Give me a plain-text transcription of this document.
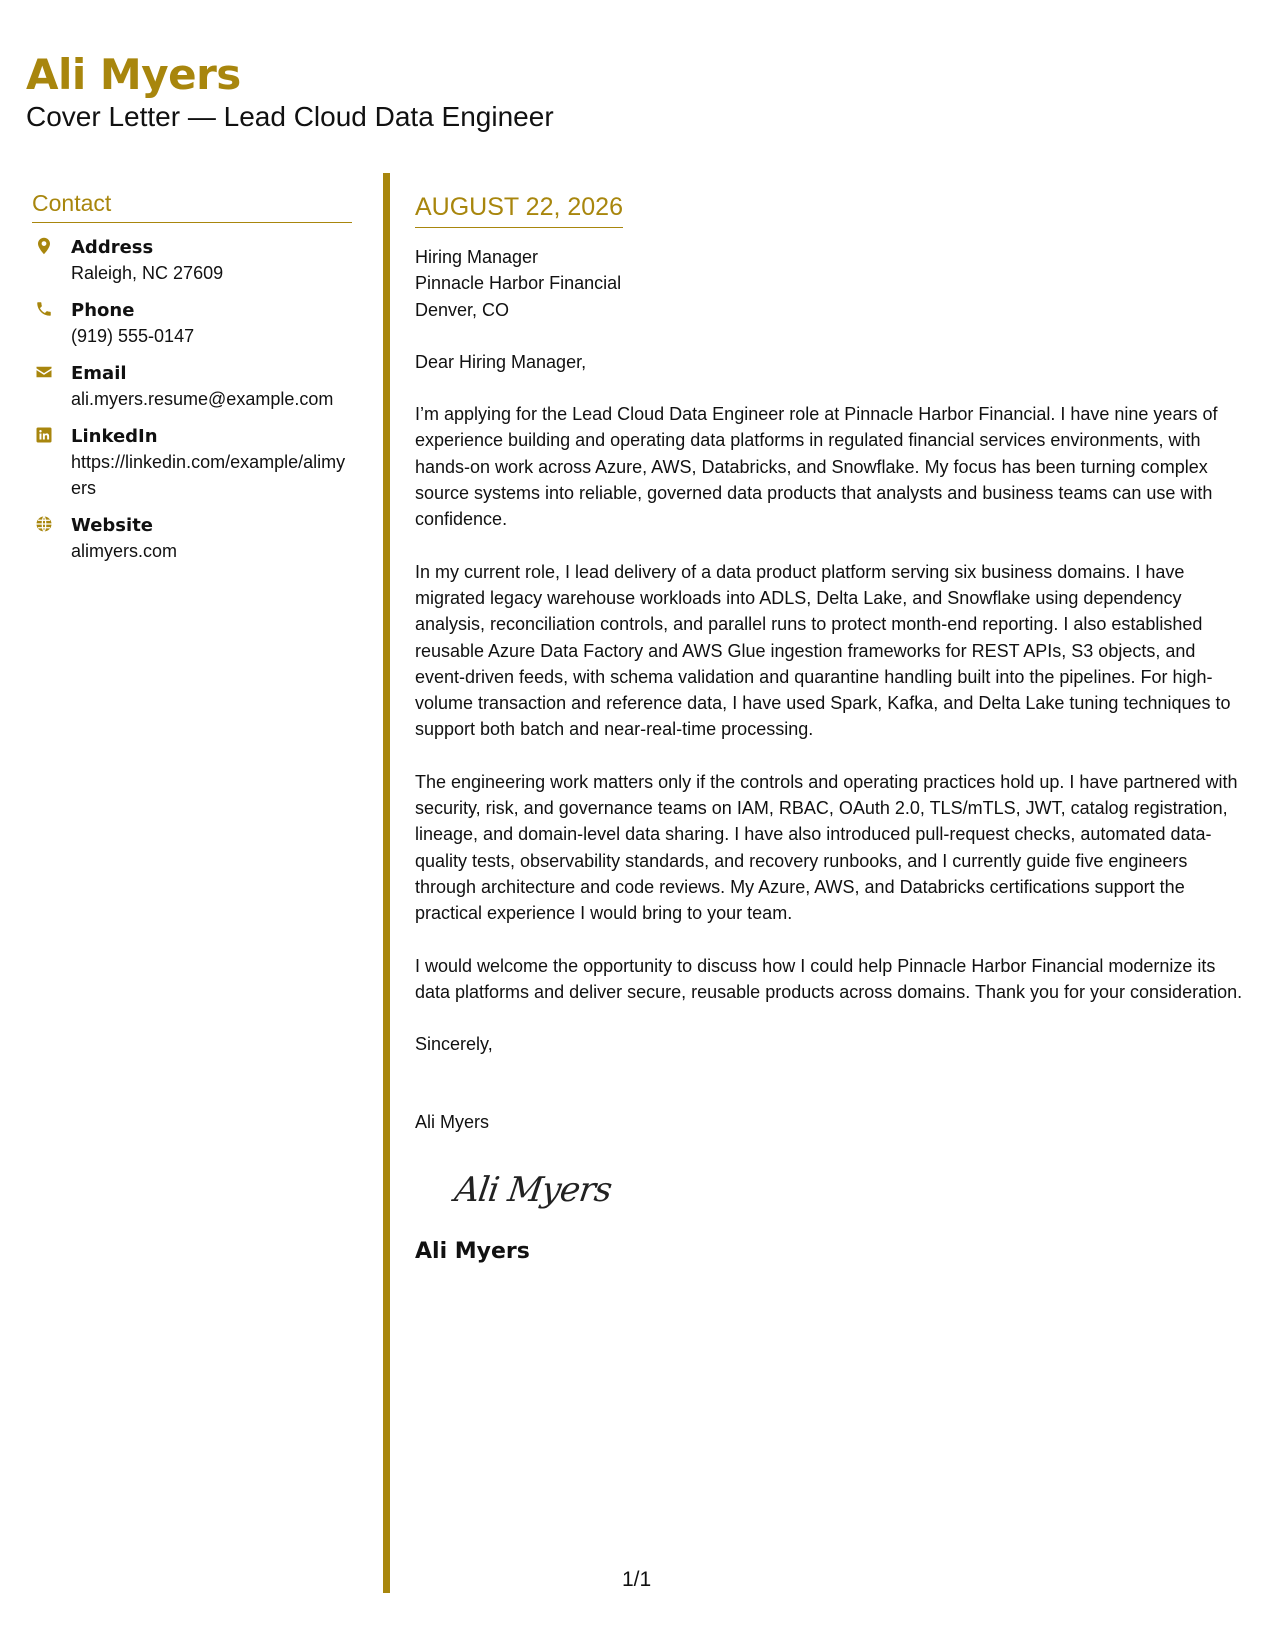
Ali Myers

Cover Letter — Lead Cloud Data Engineer

Contact
Address
Raleigh, NC 27609
Phone
(919) 555-0147
Email
ali.myers.resume@example.com
LinkedIn
https://linkedin.com/example/alimyers
Website
alimyers.com
AUGUST 22, 2026
Hiring Manager
Pinnacle Harbor Financial
Denver, CO

Dear Hiring Manager,

I’m applying for the Lead Cloud Data Engineer role at Pinnacle Harbor Financial. I have nine years of experience building and operating data platforms in regulated financial services environments, with hands-on work across Azure, AWS, Databricks, and Snowflake. My focus has been turning complex source systems into reliable, governed data products that analysts and business teams can use with confidence.

In my current role, I lead delivery of a data product platform serving six business domains. I have migrated legacy warehouse workloads into ADLS, Delta Lake, and Snowflake using dependency analysis, reconciliation controls, and parallel runs to protect month-end reporting. I also established reusable Azure Data Factory and AWS Glue ingestion frameworks for REST APIs, S3 objects, and event-driven feeds, with schema validation and quarantine handling built into the pipelines. For high-volume transaction and reference data, I have used Spark, Kafka, and Delta Lake tuning techniques to support both batch and near-real-time processing.

The engineering work matters only if the controls and operating practices hold up. I have partnered with security, risk, and governance teams on IAM, RBAC, OAuth 2.0, TLS/mTLS, JWT, catalog registration, lineage, and domain-level data sharing. I have also introduced pull-request checks, automated data-quality tests, observability standards, and recovery runbooks, and I currently guide five engineers through architecture and code reviews. My Azure, AWS, and Databricks certifications support the practical experience I would bring to your team.

I would welcome the opportunity to discuss how I could help Pinnacle Harbor Financial modernize its data platforms and deliver secure, reusable products across domains. Thank you for your consideration.

Sincerely,
Ali Myers
Ali Myers
Ali Myers
1/1
